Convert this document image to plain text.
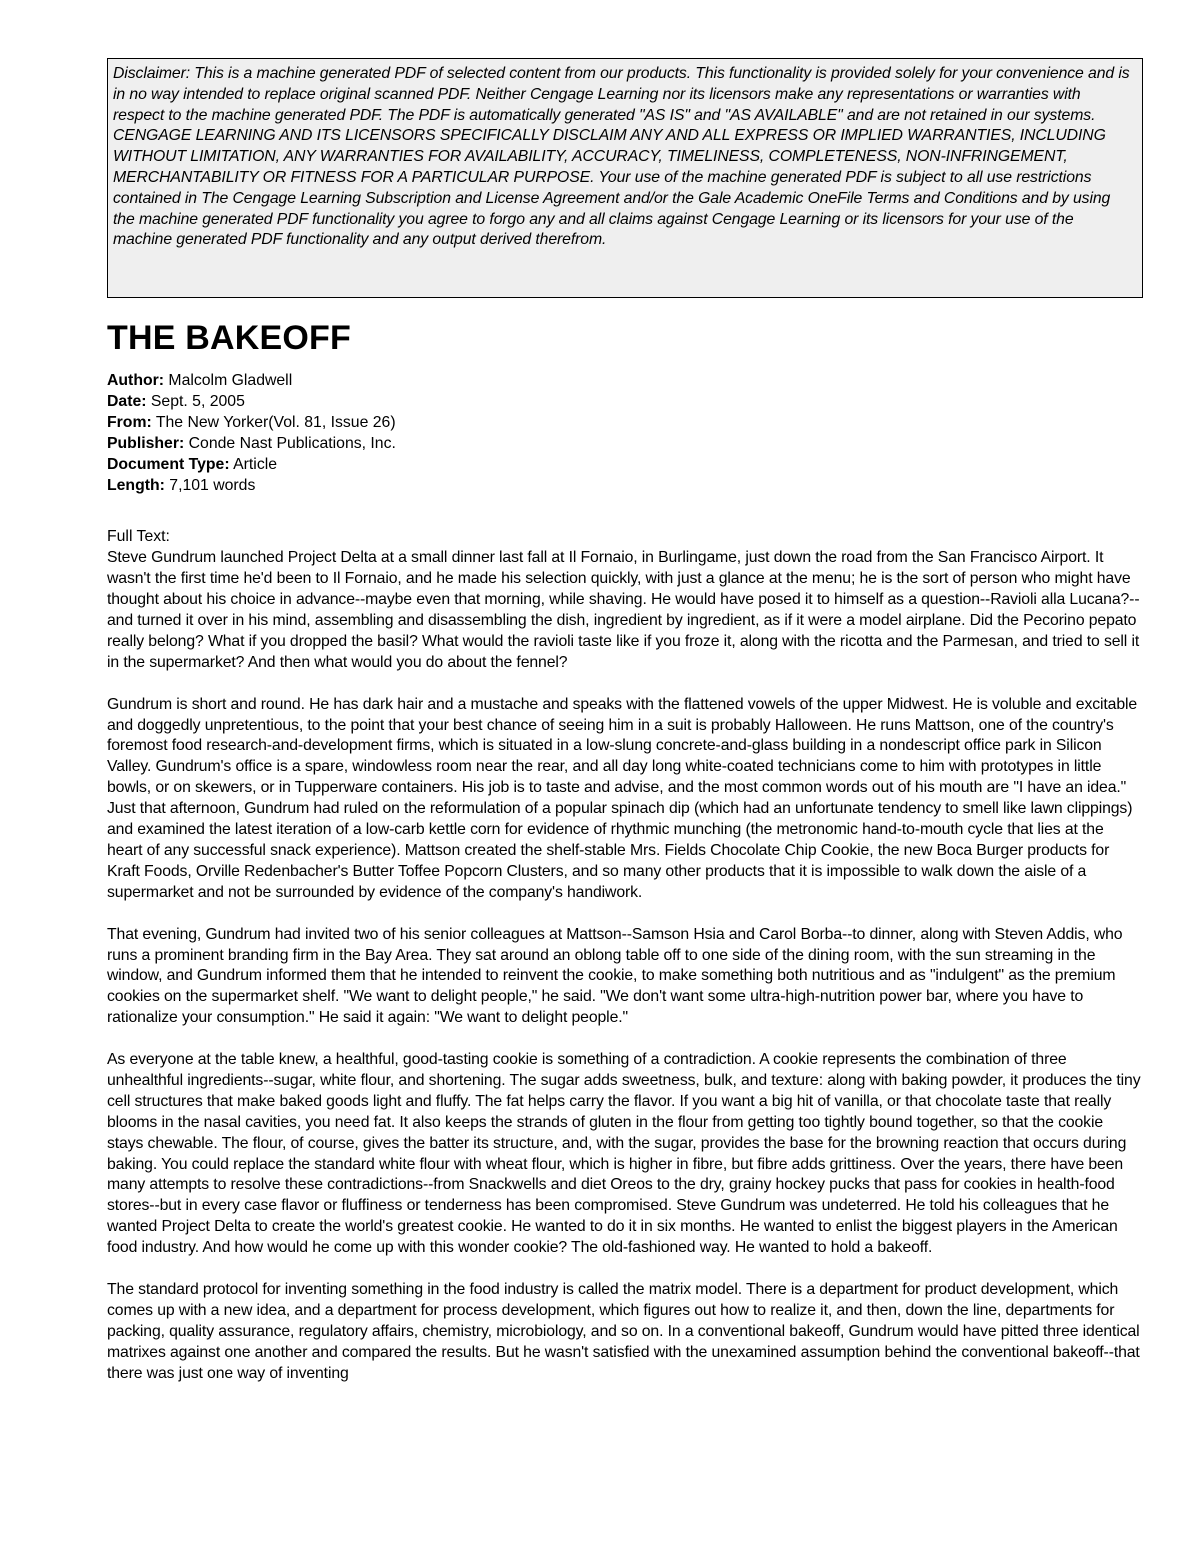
Disclaimer: This is a machine generated PDF of selected content from our products. This functionality is provided solely for your convenience and is in no way intended to replace original scanned PDF. Neither Cengage Learning nor its licensors make any representations or warranties with respect to the machine generated PDF. The PDF is automatically generated "AS IS" and "AS AVAILABLE" and are not retained in our systems. CENGAGE LEARNING AND ITS LICENSORS SPECIFICALLY DISCLAIM ANY AND ALL EXPRESS OR IMPLIED WARRANTIES, INCLUDING WITHOUT LIMITATION, ANY WARRANTIES FOR AVAILABILITY, ACCURACY, TIMELINESS, COMPLETENESS, NON-INFRINGEMENT, MERCHANTABILITY OR FITNESS FOR A PARTICULAR PURPOSE. Your use of the machine generated PDF is subject to all use restrictions contained in The Cengage Learning Subscription and License Agreement and/or the Gale Academic OneFile Terms and Conditions and by using the machine generated PDF functionality you agree to forgo any and all claims against Cengage Learning or its licensors for your use of the machine generated PDF functionality and any output derived therefrom.
THE BAKEOFF
Author: Malcolm Gladwell
Date: Sept. 5, 2005
From: The New Yorker(Vol. 81, Issue 26)
Publisher: Conde Nast Publications, Inc.
Document Type: Article
Length: 7,101 words
Full Text:

Steve Gundrum launched Project Delta at a small dinner last fall at Il Fornaio, in Burlingame, just down the road from the San Francisco Airport. It wasn't the first time he'd been to Il Fornaio, and he made his selection quickly, with just a glance at the menu; he is the sort of person who might have thought about his choice in advance--maybe even that morning, while shaving. He would have posed it to himself as a question--Ravioli alla Lucana?--and turned it over in his mind, assembling and disassembling the dish, ingredient by ingredient, as if it were a model airplane. Did the Pecorino pepato really belong? What if you dropped the basil? What would the ravioli taste like if you froze it, along with the ricotta and the Parmesan, and tried to sell it in the supermarket? And then what would you do about the fennel?

Gundrum is short and round. He has dark hair and a mustache and speaks with the flattened vowels of the upper Midwest. He is voluble and excitable and doggedly unpretentious, to the point that your best chance of seeing him in a suit is probably Halloween. He runs Mattson, one of the country's foremost food research-and-development firms, which is situated in a low-slung concrete-and-glass building in a nondescript office park in Silicon Valley. Gundrum's office is a spare, windowless room near the rear, and all day long white-coated technicians come to him with prototypes in little bowls, or on skewers, or in Tupperware containers. His job is to taste and advise, and the most common words out of his mouth are "I have an idea." Just that afternoon, Gundrum had ruled on the reformulation of a popular spinach dip (which had an unfortunate tendency to smell like lawn clippings) and examined the latest iteration of a low-carb kettle corn for evidence of rhythmic munching (the metronomic hand-to-mouth cycle that lies at the heart of any successful snack experience). Mattson created the shelf-stable Mrs. Fields Chocolate Chip Cookie, the new Boca Burger products for Kraft Foods, Orville Redenbacher's Butter Toffee Popcorn Clusters, and so many other products that it is impossible to walk down the aisle of a supermarket and not be surrounded by evidence of the company's handiwork.

That evening, Gundrum had invited two of his senior colleagues at Mattson--Samson Hsia and Carol Borba--to dinner, along with Steven Addis, who runs a prominent branding firm in the Bay Area. They sat around an oblong table off to one side of the dining room, with the sun streaming in the window, and Gundrum informed them that he intended to reinvent the cookie, to make something both nutritious and as "indulgent" as the premium cookies on the supermarket shelf. "We want to delight people," he said. "We don't want some ultra-high-nutrition power bar, where you have to rationalize your consumption." He said it again: "We want to delight people."

As everyone at the table knew, a healthful, good-tasting cookie is something of a contradiction. A cookie represents the combination of three unhealthful ingredients--sugar, white flour, and shortening. The sugar adds sweetness, bulk, and texture: along with baking powder, it produces the tiny cell structures that make baked goods light and fluffy. The fat helps carry the flavor. If you want a big hit of vanilla, or that chocolate taste that really blooms in the nasal cavities, you need fat. It also keeps the strands of gluten in the flour from getting too tightly bound together, so that the cookie stays chewable. The flour, of course, gives the batter its structure, and, with the sugar, provides the base for the browning reaction that occurs during baking. You could replace the standard white flour with wheat flour, which is higher in fibre, but fibre adds grittiness. Over the years, there have been many attempts to resolve these contradictions--from Snackwells and diet Oreos to the dry, grainy hockey pucks that pass for cookies in health-food stores--but in every case flavor or fluffiness or tenderness has been compromised. Steve Gundrum was undeterred. He told his colleagues that he wanted Project Delta to create the world's greatest cookie. He wanted to do it in six months. He wanted to enlist the biggest players in the American food industry. And how would he come up with this wonder cookie? The old-fashioned way. He wanted to hold a bakeoff.

The standard protocol for inventing something in the food industry is called the matrix model. There is a department for product development, which comes up with a new idea, and a department for process development, which figures out how to realize it, and then, down the line, departments for packing, quality assurance, regulatory affairs, chemistry, microbiology, and so on. In a conventional bakeoff, Gundrum would have pitted three identical matrixes against one another and compared the results. But he wasn't satisfied with the unexamined assumption behind the conventional bakeoff--that there was just one way of inventing
